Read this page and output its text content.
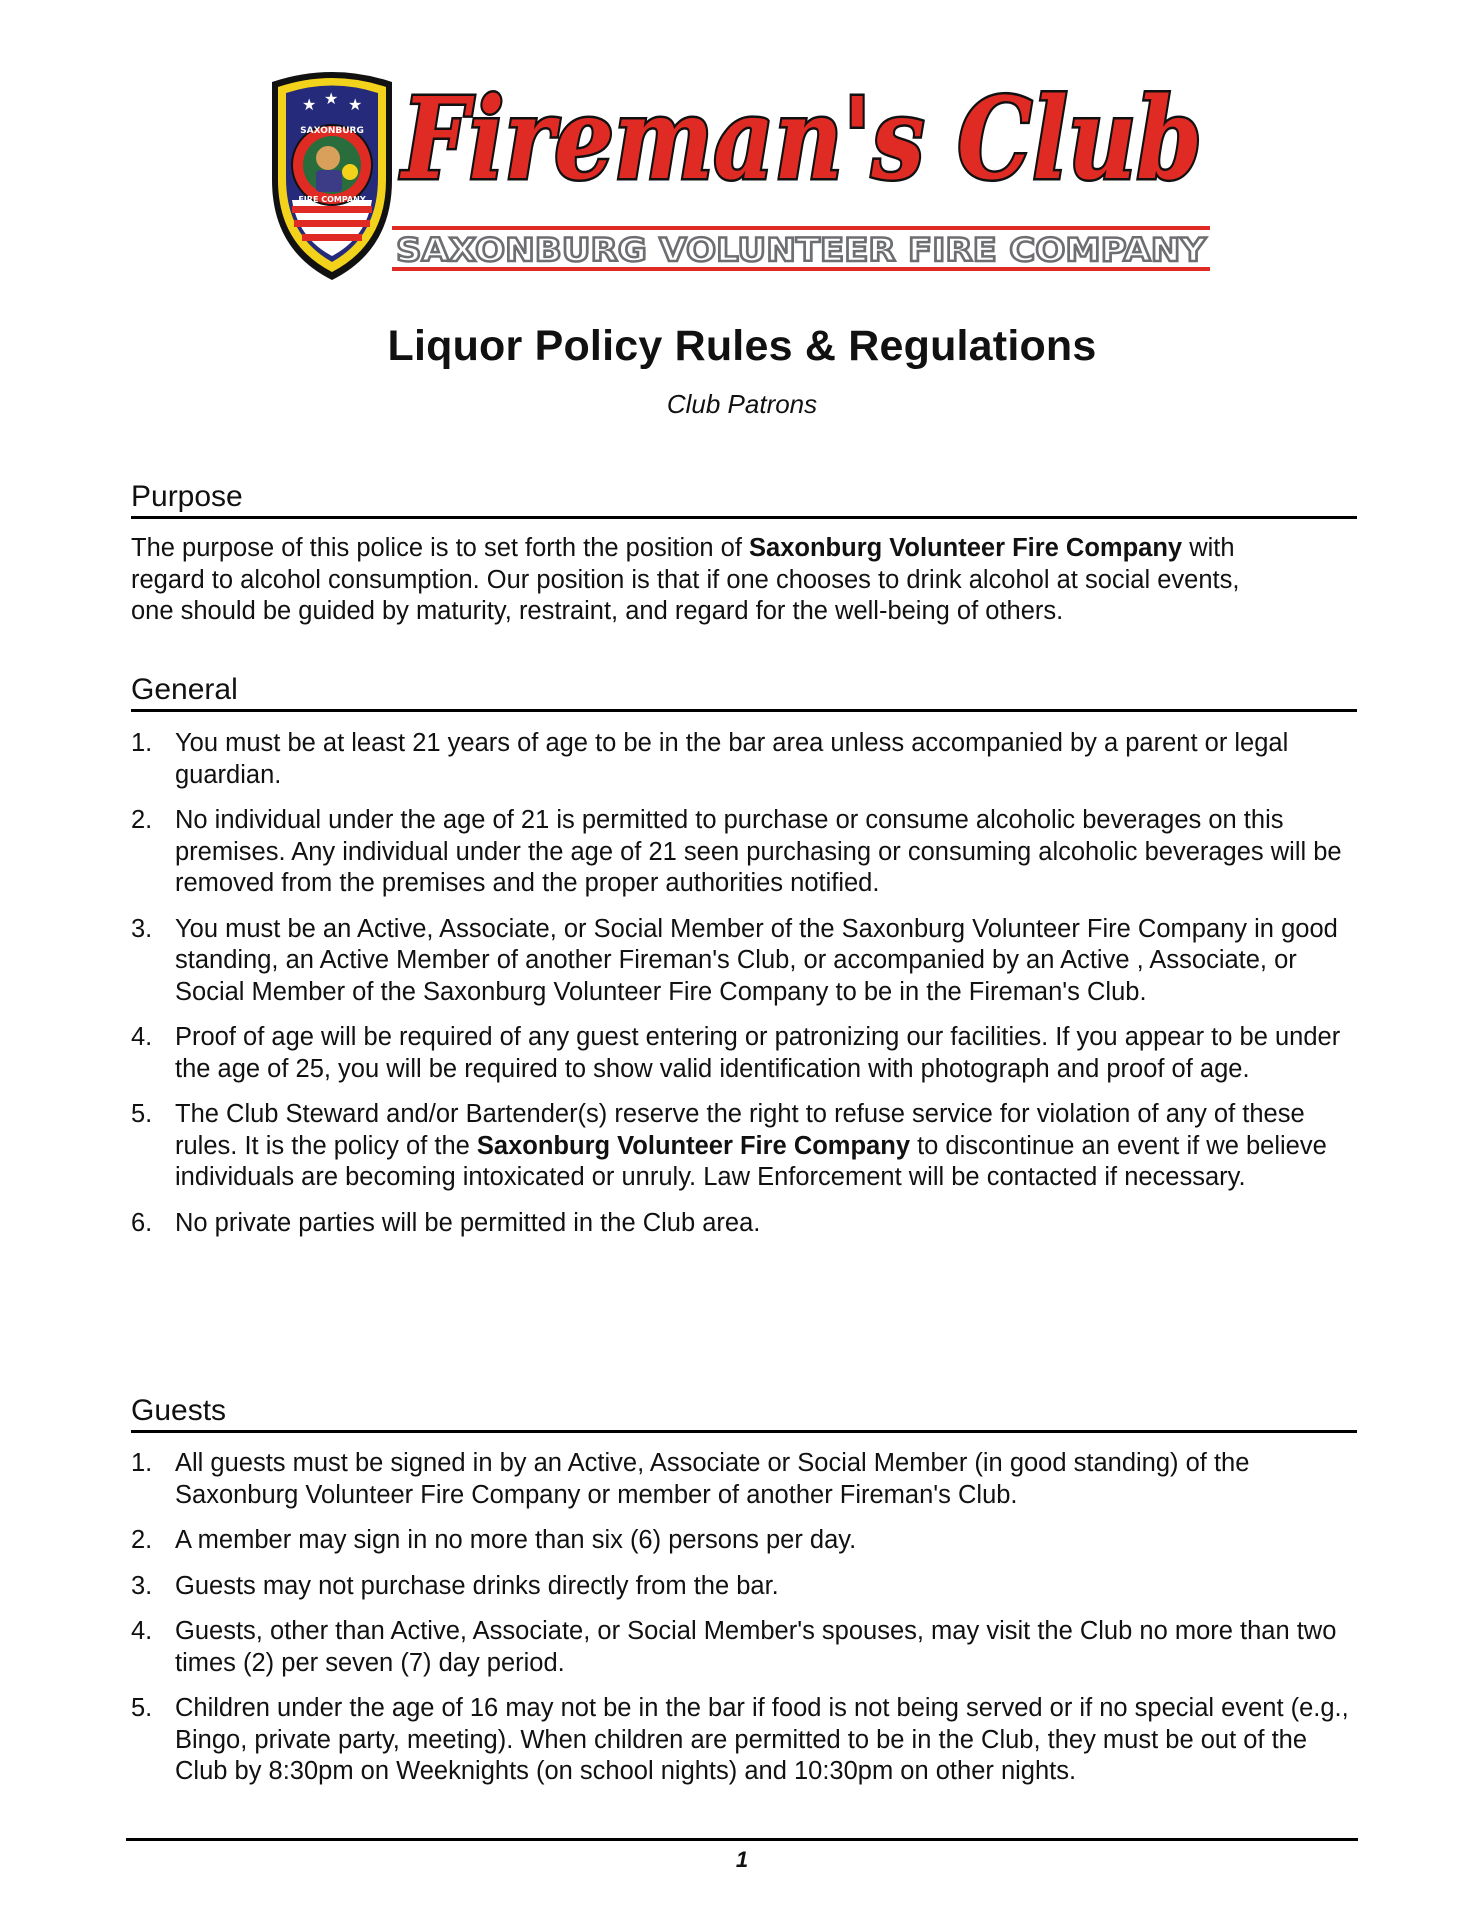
★ ★ ★
SAXONBURG
FIRE COMPANY Fireman's Club
SAXONBURG VOLUNTEER FIRE COMPANY
Liquor Policy Rules & Regulations
Club Patrons
Purpose
The purpose of this police is to set forth the position of Saxonburg Volunteer Fire Company with
regard to alcohol consumption. Our position is that if one chooses to drink alcohol at social events,
one should be guided by maturity, restraint, and regard for the well-being of others.
General
1. You must be at least 21 years of age to be in the bar area unless accompanied by a parent or legal guardian.
2. No individual under the age of 21 is permitted to purchase or consume alcoholic beverages on this premises. Any individual under the age of 21 seen purchasing or consuming alcoholic beverages will be removed from the premises and the proper authorities notified.
3. You must be an Active, Associate, or Social Member of the Saxonburg Volunteer Fire Company in good standing, an Active Member of another Fireman's Club, or accompanied by an Active , Associate, or Social Member of the Saxonburg Volunteer Fire Company to be in the Fireman's Club.
4. Proof of age will be required of any guest entering or patronizing our facilities. If you appear to be under the age of 25, you will be required to show valid identification with photograph and proof of age.
5. The Club Steward and/or Bartender(s) reserve the right to refuse service for violation of any of these rules. It is the policy of the Saxonburg Volunteer Fire Company to discontinue an event if we believe individuals are becoming intoxicated or unruly. Law Enforcement will be contacted if necessary.
6. No private parties will be permitted in the Club area.
Guests
1. All guests must be signed in by an Active, Associate or Social Member (in good standing) of the Saxonburg Volunteer Fire Company or member of another Fireman's Club.
2. A member may sign in no more than six (6) persons per day.
3. Guests may not purchase drinks directly from the bar.
4. Guests, other than Active, Associate, or Social Member's spouses, may visit the Club no more than two times (2) per seven (7) day period.
5. Children under the age of 16 may not be in the bar if food is not being served or if no special event (e.g., Bingo, private party, meeting). When children are permitted to be in the Club, they must be out of the Club by 8:30pm on Weeknights (on school nights) and 10:30pm on other nights.
1
